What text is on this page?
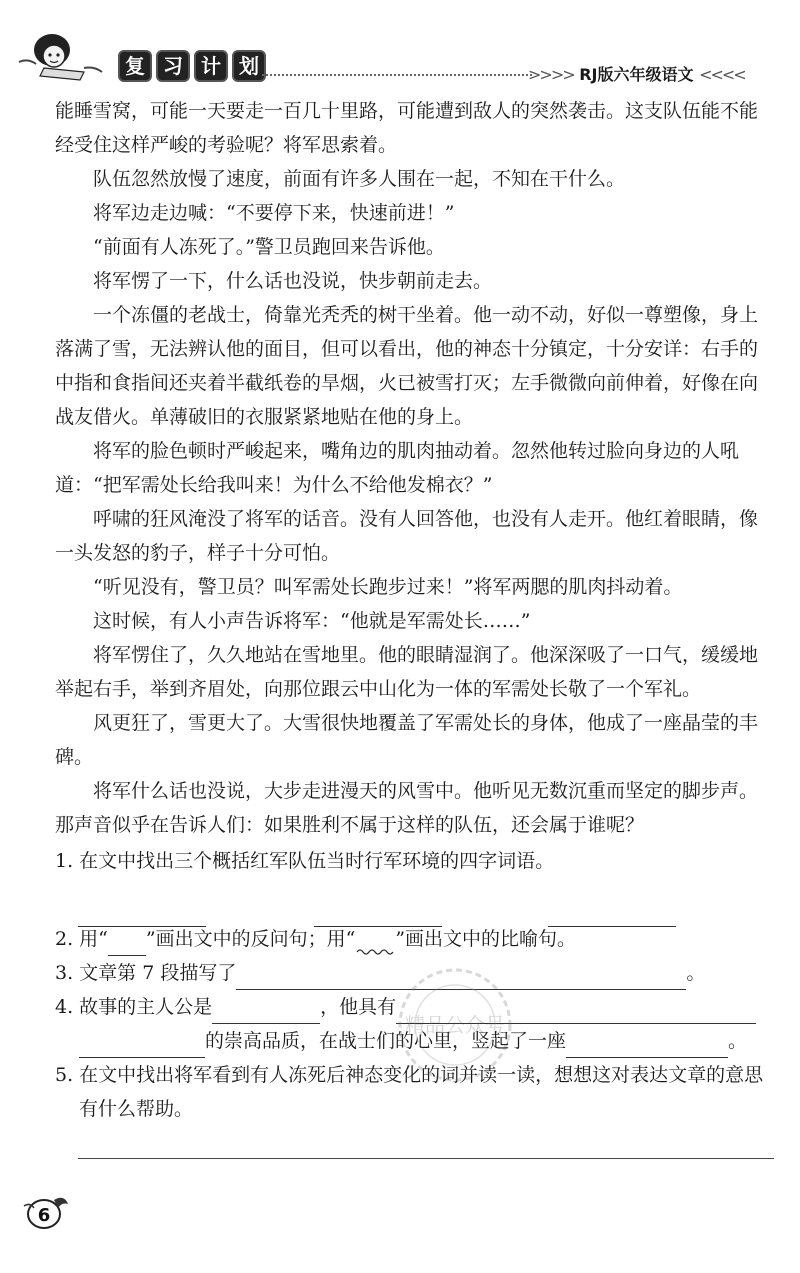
复 习 计 划	>>>> RJ版六年级语文 <<<<

能睡雪窝，可能一天要走一百几十里路，可能遭到敌人的突然袭击。这支队伍能不能经受住这样严峻的考验呢？将军思索着。

队伍忽然放慢了速度，前面有许多人围在一起，不知在干什么。

将军边走边喊：“不要停下来，快速前进！”

“前面有人冻死了。”警卫员跑回来告诉他。

将军愣了一下，什么话也没说，快步朝前走去。

一个冻僵的老战士，倚靠光秃秃的树干坐着。他一动不动，好似一尊塑像，身上落满了雪，无法辨认他的面目，但可以看出，他的神态十分镇定，十分安详：右手的中指和食指间还夹着半截纸卷的旱烟，火已被雪打灭；左手微微向前伸着，好像在向战友借火。单薄破旧的衣服紧紧地贴在他的身上。

将军的脸色顿时严峻起来，嘴角边的肌肉抽动着。忽然他转过脸向身边的人吼道：“把军需处长给我叫来！为什么不给他发棉衣？”

呼啸的狂风淹没了将军的话音。没有人回答他，也没有人走开。他红着眼睛，像一头发怒的豹子，样子十分可怕。

“听见没有，警卫员？叫军需处长跑步过来！”将军两腮的肌肉抖动着。

这时候，有人小声告诉将军：“他就是军需处长……”

将军愣住了，久久地站在雪地里。他的眼睛湿润了。他深深吸了一口气，缓缓地举起右手，举到齐眉处，向那位跟云中山化为一体的军需处长敬了一个军礼。

风更狂了，雪更大了。大雪很快地覆盖了军需处长的身体，他成了一座晶莹的丰碑。

将军什么话也没说，大步走进漫天的风雪中。他听见无数沉重而坚定的脚步声。那声音似乎在告诉人们：如果胜利不属于这样的队伍，还会属于谁呢？

1. 在文中找出三个概括红军队伍当时行军环境的四字词语。
2. 用“ ”画出文中的反问句；用“ ”画出文中的比喻句。
3. 文章第 7 段描写了	。
4. 故事的主人公是	，他具有
的崇高品质，在战士们的心里，竖起了一座	。
5. 在文中找出将军看到有人冻死后神态变化的词并读一读，想想这对表达文章的意思有什么帮助。
精品公众号
6
